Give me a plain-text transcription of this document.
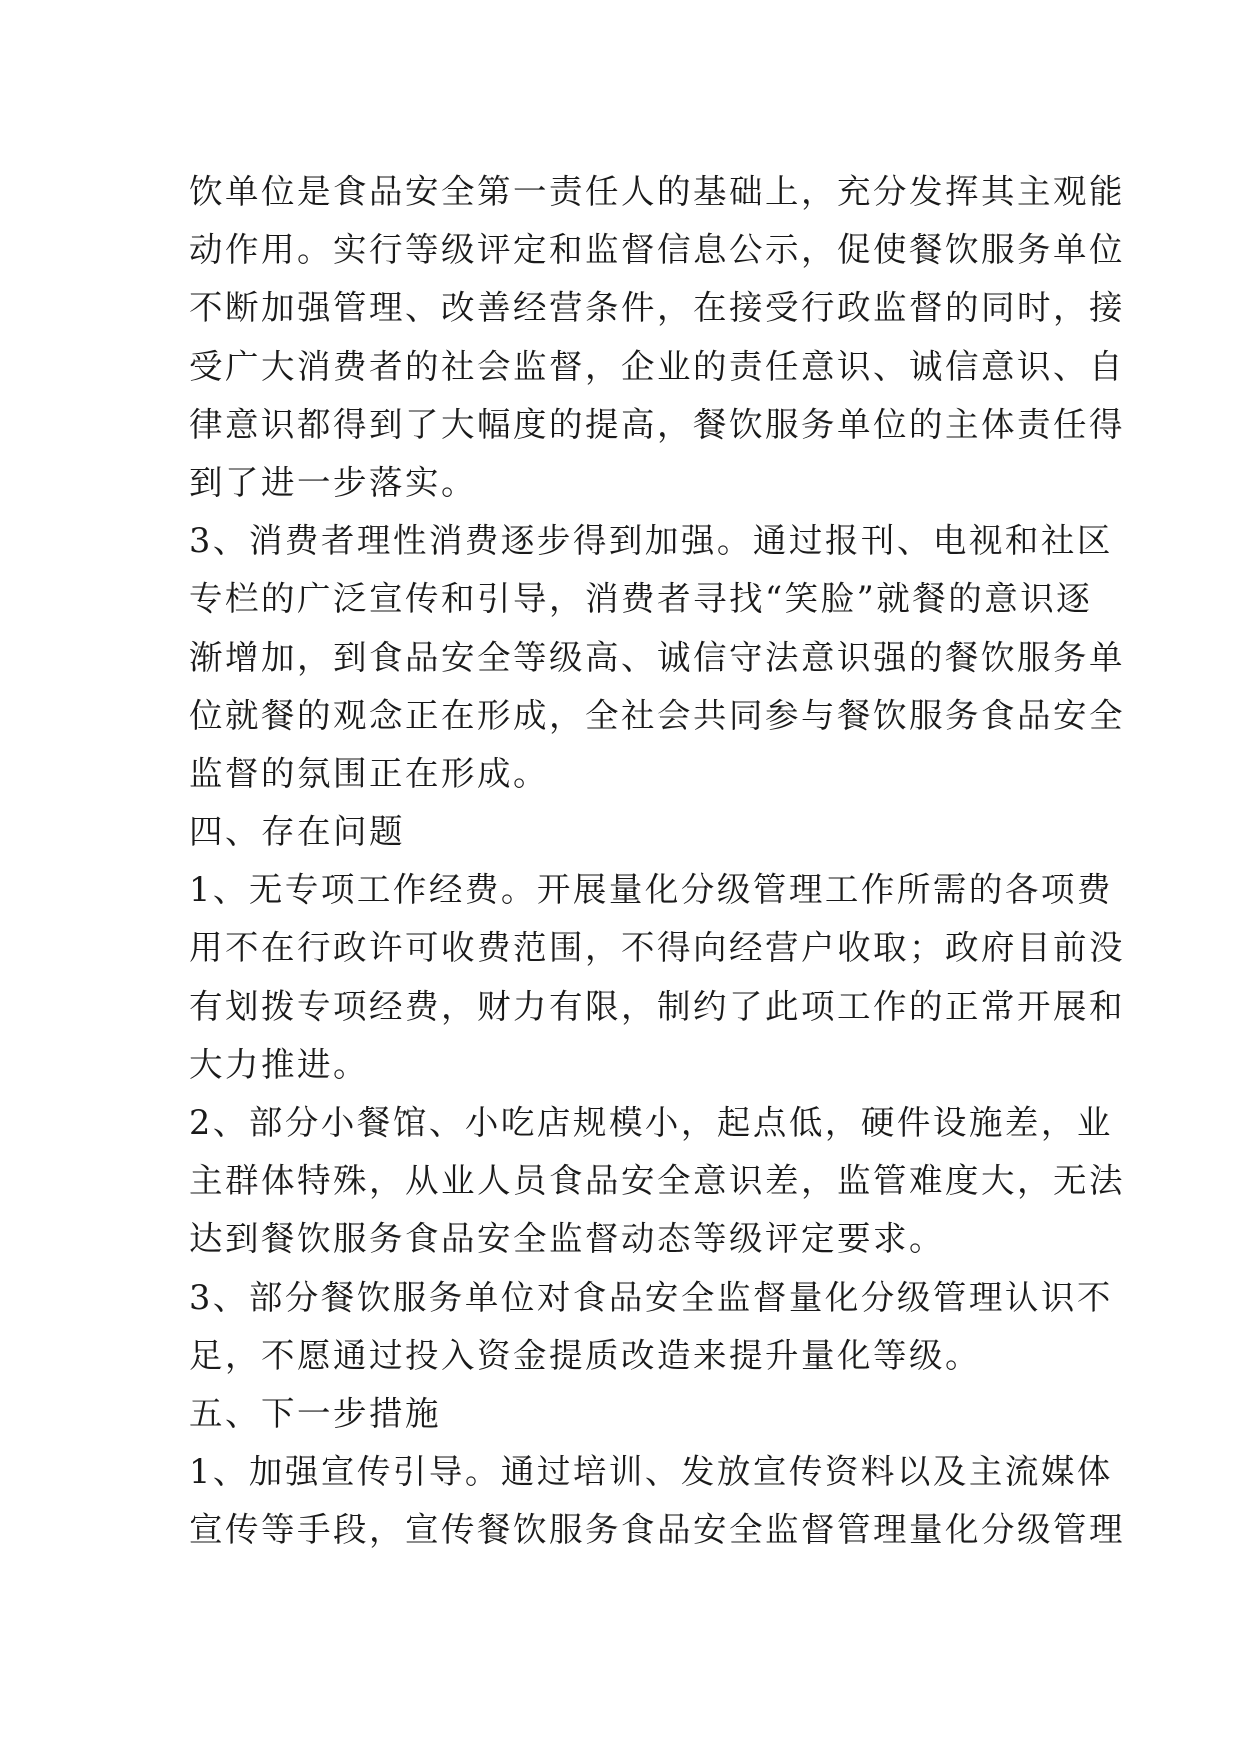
饮单位是食品安全第一责任人的基础上，充分发挥其主观能
动作用。实行等级评定和监督信息公示，促使餐饮服务单位
不断加强管理、改善经营条件，在接受行政监督的同时，接
受广大消费者的社会监督，企业的责任意识、诚信意识、自
律意识都得到了大幅度的提高，餐饮服务单位的主体责任得
到了进一步落实。
3、消费者理性消费逐步得到加强。通过报刊、电视和社区
专栏的广泛宣传和引导，消费者寻找“笑脸”就餐的意识逐
渐增加，到食品安全等级高、诚信守法意识强的餐饮服务单
位就餐的观念正在形成，全社会共同参与餐饮服务食品安全
监督的氛围正在形成。
四、存在问题
1、无专项工作经费。开展量化分级管理工作所需的各项费
用不在行政许可收费范围，不得向经营户收取；政府目前没
有划拨专项经费，财力有限，制约了此项工作的正常开展和
大力推进。
2、部分小餐馆、小吃店规模小，起点低，硬件设施差，业
主群体特殊，从业人员食品安全意识差，监管难度大，无法
达到餐饮服务食品安全监督动态等级评定要求。
3、部分餐饮服务单位对食品安全监督量化分级管理认识不
足，不愿通过投入资金提质改造来提升量化等级。
五、下一步措施
1、加强宣传引导。通过培训、发放宣传资料以及主流媒体
宣传等手段，宣传餐饮服务食品安全监督管理量化分级管理
